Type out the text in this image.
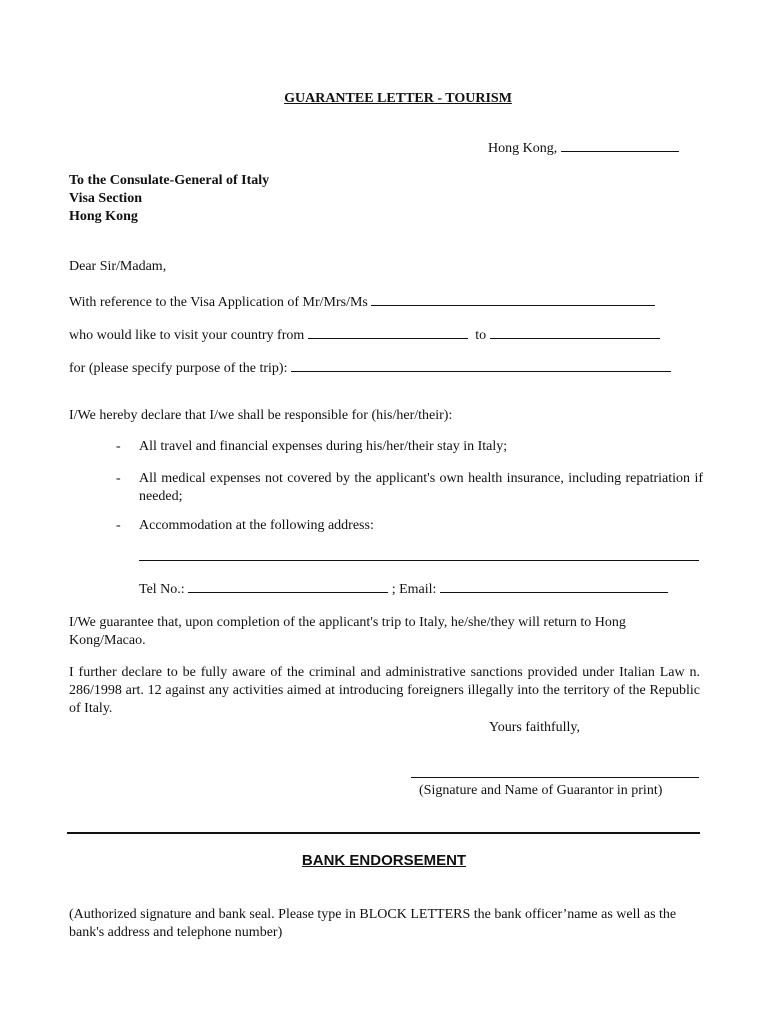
GUARANTEE LETTER - TOURISM
Hong Kong,
To the Consulate-General of Italy
Visa Section
Hong Kong
Dear Sir/Madam,
With reference to the Visa Application of Mr/Mrs/Ms
who would like to visit your country from	to
for (please specify purpose of the trip):
I/We hereby declare that I/we shall be responsible for (his/her/their):
- All travel and financial expenses during his/her/their stay in Italy;
- All medical expenses not covered by the applicant's own health insurance, including repatriation if needed;
- Accommodation at the following address:
Tel No.:	; Email:
I/We guarantee that, upon completion of the applicant's trip to Italy, he/she/they will return to Hong Kong/Macao.
I further declare to be fully aware of the criminal and administrative sanctions provided under Italian Law n. 286/1998 art. 12 against any activities aimed at introducing foreigners illegally into the territory of the Republic of Italy.
Yours faithfully,
(Signature and Name of Guarantor in print)
BANK ENDORSEMENT
(Authorized signature and bank seal. Please type in BLOCK LETTERS the bank officer’name as well as the bank's address and telephone number)
